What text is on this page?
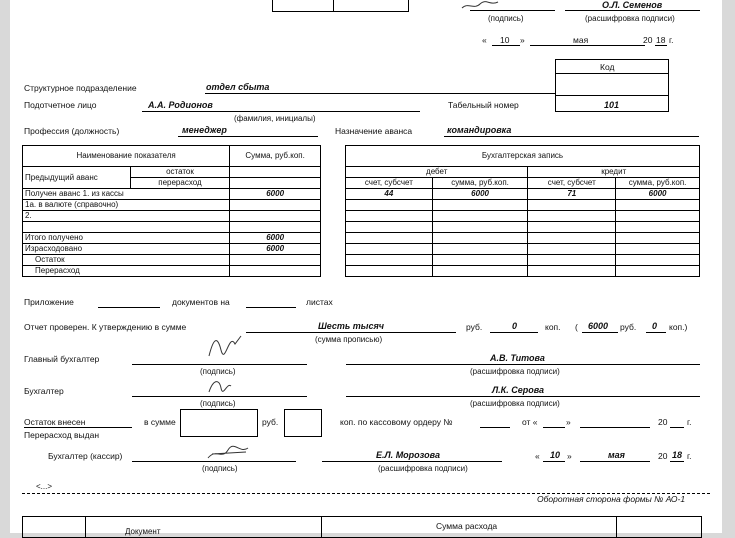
О.Л. Семенов
(подпись)	(расшифровка подписи)
« 10 »	мая	20 18 г.
Код
Структурное подразделение	отдел сбыта
Подотчетное лицо	А.А. Родионов
(фамилия, инициалы)
Табельный номер	101
Профессия (должность)	менеджер	Назначение аванса	командировка
Наименование показателя		Сумма, руб.коп.
Предыдущий аванс	остаток	
	перерасход	
Получен аванс 1. из кассы		6000
1а. в валюте (справочно)		
2.		

Итого получено		6000
Израсходовано		6000
Остаток		
Перерасход		
Бухгалтерская запись			
дебет		кредит	
счет, субсчет	сумма, руб.коп.	счет, субсчет	сумма, руб.коп.
44	6000	71	6000

Приложение	документов на	листах
Отчет проверен. К утверждению в сумме	Шесть тысяч
(сумма прописью)
руб.	0	коп. ( 6000 руб. 0 коп.)
Главный бухгалтер	А.В. Титова
(подпись)	(расшифровка подписи)
Бухгалтер	Л.К. Серова
(подпись)	(расшифровка подписи)
Остаток внесен
Перерасход выдан
в сумме	руб.	коп. по кассовому ордеру №	от «	»	20 г.
Бухгалтер (кассир)	Е.Л. Морозова
(подпись)	(расшифровка подписи)
« 10 »	мая	20 18 г.
<...>
Оборотная сторона формы № АО-1
Документ
Сумма расхода
